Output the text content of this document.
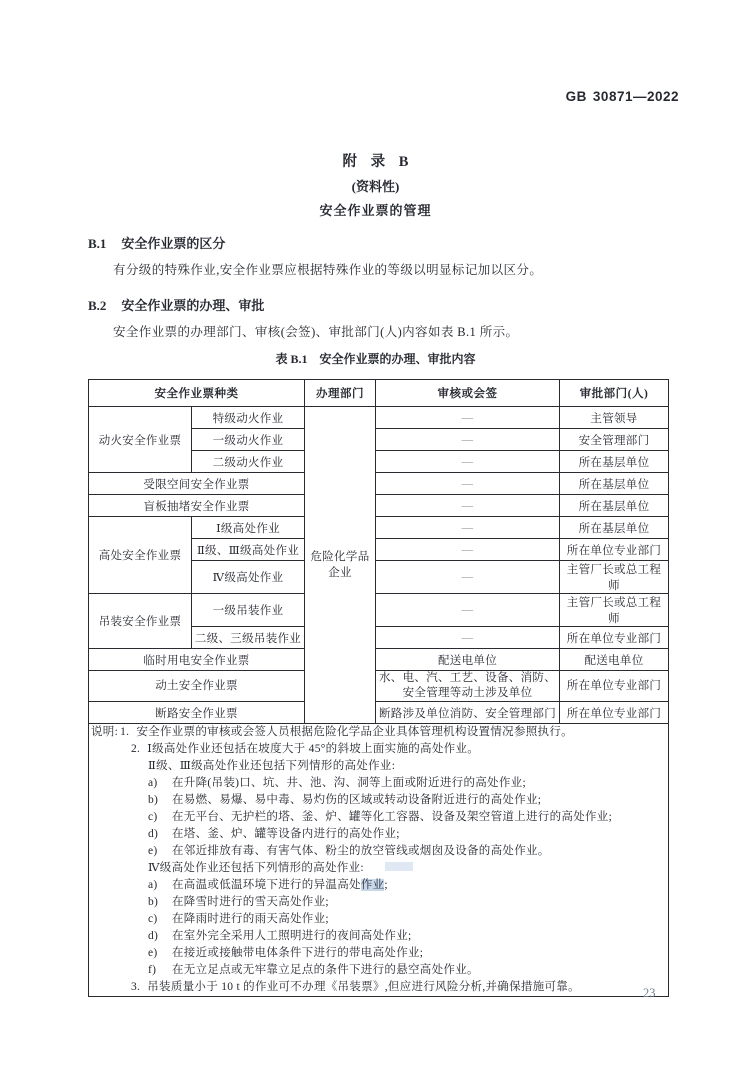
GB 30871—2022
附 录 B
(资料性)
安全作业票的管理
B.1 安全作业票的区分
有分级的特殊作业,安全作业票应根据特殊作业的等级以明显标记加以区分。
B.2 安全作业票的办理、审批
安全作业票的办理部门、审核(会签)、审批部门(人)内容如表 B.1 所示。
表 B.1 安全作业票的办理、审批内容
安全作业票种类		办理部门	审核或会签	审批部门(人)
动火安全作业票	特级动火作业	危险化学品企业	—	主管领导
	一级动火作业		—	安全管理部门
	二级动火作业		—	所在基层单位
受限空间安全作业票			—	所在基层单位
盲板抽堵安全作业票			—	所在基层单位
高处安全作业票	Ⅰ级高处作业		—	所在基层单位
	Ⅱ级、Ⅲ级高处作业		—	所在单位专业部门
	Ⅳ级高处作业		—	主管厂长或总工程师
吊装安全作业票	一级吊装作业		—	主管厂长或总工程师
	二级、三级吊装作业		—	所在单位专业部门
临时用电安全作业票			配送电单位	配送电单位
动土安全作业票			水、电、汽、工艺、设备、消防、安全管理等动土涉及单位	所在单位专业部门
断路安全作业票			断路涉及单位消防、安全管理部门	所在单位专业部门

说明: 1. 安全作业票的审核或会签人员根据危险化学品企业具体管理机构设置情况参照执行。
2. Ⅰ级高处作业还包括在坡度大于 45°的斜坡上面实施的高处作业。
Ⅱ级、Ⅲ级高处作业还包括下列情形的高处作业:
a) 在升降(吊装)口、坑、井、池、沟、洞等上面或附近进行的高处作业;
b) 在易燃、易爆、易中毒、易灼伤的区域或转动设备附近进行的高处作业;
c) 在无平台、无护栏的塔、釜、炉、罐等化工容器、设备及架空管道上进行的高处作业;
d) 在塔、釜、炉、罐等设备内进行的高处作业;
e) 在邻近排放有毒、有害气体、粉尘的放空管线或烟囱及设备的高处作业。
Ⅳ级高处作业还包括下列情形的高处作业:
a) 在高温或低温环境下进行的异温高处作业;
b) 在降雪时进行的雪天高处作业;
c) 在降雨时进行的雨天高处作业;
d) 在室外完全采用人工照明进行的夜间高处作业;
e) 在接近或接触带电体条件下进行的带电高处作业;
f) 在无立足点或无牢靠立足点的条件下进行的悬空高处作业。
3. 吊装质量小于 10 t 的作业可不办理《吊装票》,但应进行风险分析,并确保措施可靠。	23
